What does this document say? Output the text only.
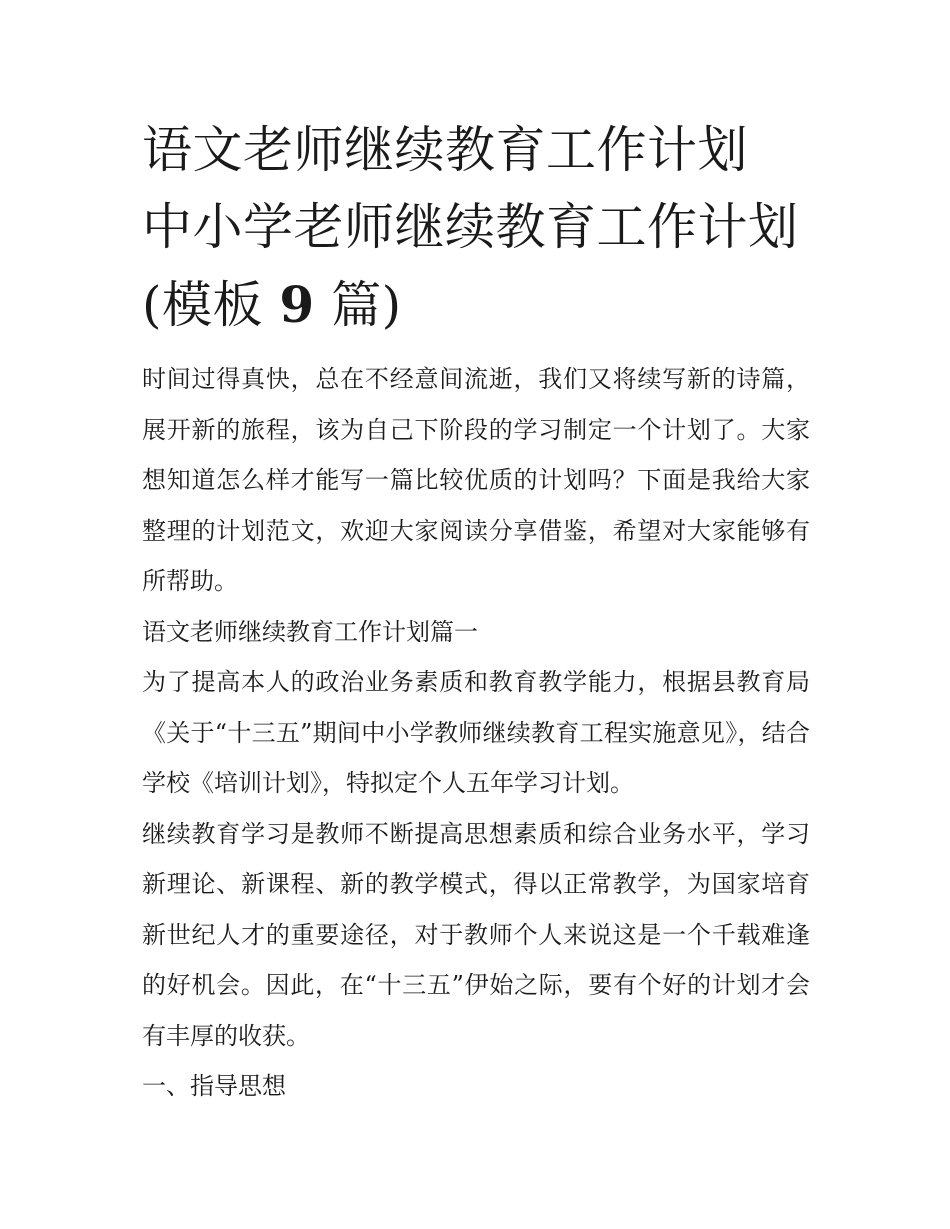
语文老师继续教育工作计划 中小学老师继续教育工作计划(模板 9 篇)

时间过得真快，总在不经意间流逝，我们又将续写新的诗篇，展开新的旅程，该为自己下阶段的学习制定一个计划了。大家想知道怎么样才能写一篇比较优质的计划吗？下面是我给大家整理的计划范文，欢迎大家阅读分享借鉴，希望对大家能够有所帮助。

语文老师继续教育工作计划篇一

为了提高本人的政治业务素质和教育教学能力，根据县教育局《关于“十三五”期间中小学教师继续教育工程实施意见》，结合学校《培训计划》，特拟定个人五年学习计划。

继续教育学习是教师不断提高思想素质和综合业务水平，学习新理论、新课程、新的教学模式，得以正常教学，为国家培育新世纪人才的重要途径，对于教师个人来说这是一个千载难逢的好机会。因此，在“十三五”伊始之际，要有个好的计划才会有丰厚的收获。

一、指导思想
